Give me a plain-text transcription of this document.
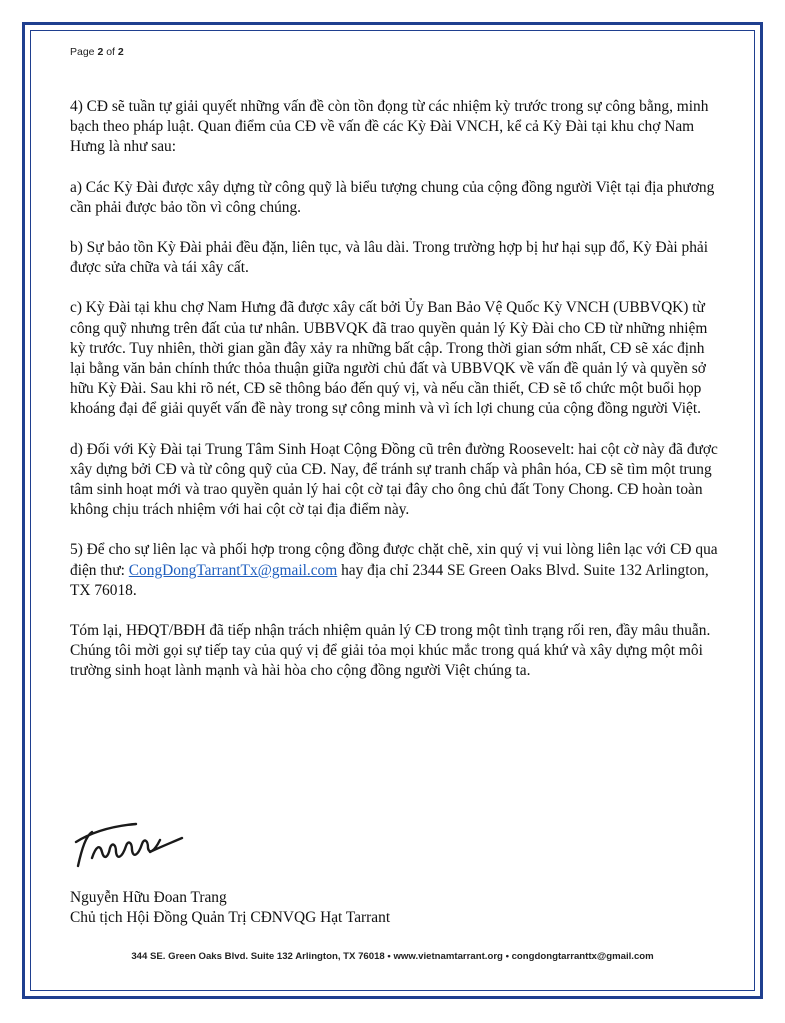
Page 2 of 2

4) CĐ sẽ tuần tự giải quyết những vấn đề còn tồn đọng từ các nhiệm kỳ trước trong sự công bằng, minh bạch theo pháp luật. Quan điểm của CĐ về vấn đề các Kỳ Đài VNCH, kể cả Kỳ Đài tại khu chợ Nam Hưng là như sau:

a) Các Kỳ Đài được xây dựng từ công quỹ là biểu tượng chung của cộng đồng người Việt tại địa phương cần phải được bảo tồn vì công chúng.

b) Sự bảo tồn Kỳ Đài phải đều đặn, liên tục, và lâu dài. Trong trường hợp bị hư hại sụp đổ, Kỳ Đài phải được sửa chữa và tái xây cất.

c) Kỳ Đài tại khu chợ Nam Hưng đã được xây cất bởi Ủy Ban Bảo Vệ Quốc Kỳ VNCH (UBBVQK) từ công quỹ nhưng trên đất của tư nhân. UBBVQK đã trao quyền quản lý Kỳ Đài cho CĐ từ những nhiệm kỳ trước. Tuy nhiên, thời gian gần đây xảy ra những bất cập. Trong thời gian sớm nhất, CĐ sẽ xác định lại bằng văn bản chính thức thỏa thuận giữa người chủ đất và UBBVQK về vấn đề quản lý và quyền sở hữu Kỳ Đài. Sau khi rõ nét, CĐ sẽ thông báo đến quý vị, và nếu cần thiết, CĐ sẽ tổ chức một buổi họp khoáng đại để giải quyết vấn đề này trong sự công minh và vì ích lợi chung của cộng đồng người Việt.

d) Đối với Kỳ Đài tại Trung Tâm Sinh Hoạt Cộng Đồng cũ trên đường Roosevelt: hai cột cờ này đã được xây dựng bởi CĐ và từ công quỹ của CĐ. Nay, để tránh sự tranh chấp và phân hóa, CĐ sẽ tìm một trung tâm sinh hoạt mới và trao quyền quản lý hai cột cờ tại đây cho ông chủ đất Tony Chong. CĐ hoàn toàn không chịu trách nhiệm với hai cột cờ tại địa điểm này.

5) Để cho sự liên lạc và phối hợp trong cộng đồng được chặt chẽ, xin quý vị vui lòng liên lạc với CĐ qua điện thư: CongDongTarrantTx@gmail.com hay địa chỉ 2344 SE Green Oaks Blvd. Suite 132 Arlington, TX 76018.

Tóm lại, HĐQT/BĐH đã tiếp nhận trách nhiệm quản lý CĐ trong một tình trạng rối ren, đầy mâu thuẫn. Chúng tôi mời gọi sự tiếp tay của quý vị để giải tỏa mọi khúc mắc trong quá khứ và xây dựng một môi trường sinh hoạt lành mạnh và hài hòa cho cộng đồng người Việt chúng ta.

Nguyễn Hữu Đoan Trang
Chủ tịch Hội Đồng Quản Trị CĐNVQG Hạt Tarrant
344 SE. Green Oaks Blvd. Suite 132 Arlington, TX 76018 • www.vietnamtarrant.org • congdongtarranttx@gmail.com
